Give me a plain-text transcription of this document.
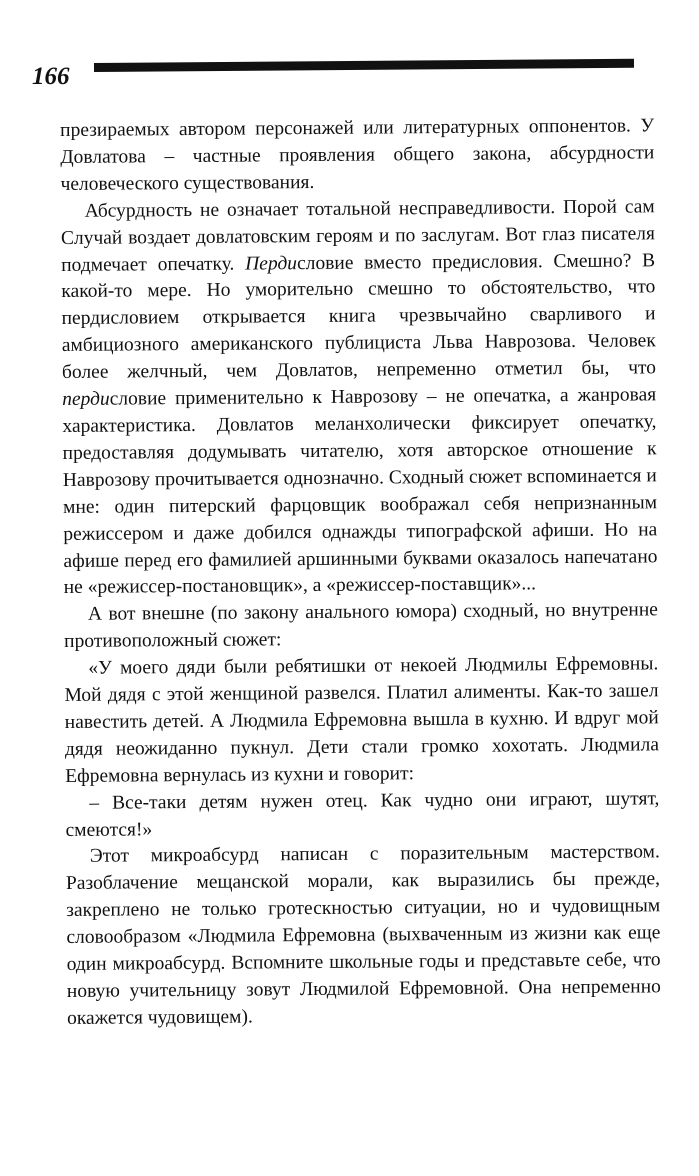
166

презираемых автором персонажей или литературных оппонентов. У Довлатова – частные проявления общего закона, абсурдности человеческого существования.

Абсурдность не означает тотальной несправедливости. Порой сам Случай воздает довлатовским героям и по заслугам. Вот глаз писателя подмечает опечатку. Пердисловие вместо предисловия. Смешно? В какой-то мере. Но уморительно смешно то обстоятельство, что пердисловием открывается книга чрезвычайно сварливого и амбициозного американского публициста Льва Наврозова. Человек более желчный, чем Довлатов, непременно отметил бы, что пердисловие применительно к Наврозову – не опечатка, а жанровая характеристика. Довлатов меланхолически фиксирует опечатку, предоставляя додумывать читателю, хотя авторское отношение к Наврозову прочитывается однозначно. Сходный сюжет вспоминается и мне: один питерский фарцовщик воображал себя непризнанным режиссером и даже добился однажды типографской афиши. Но на афише перед его фамилией аршинными буквами оказалось напечатано не «режиссер-постановщик», а «режиссер-поставщик»...

А вот внешне (по закону анального юмора) сходный, но внутренне противоположный сюжет:

«У моего дяди были ребятишки от некоей Людмилы Ефремовны. Мой дядя с этой женщиной развелся. Платил алименты. Как-то зашел навестить детей. А Людмила Ефремовна вышла в кухню. И вдруг мой дядя неожиданно пукнул. Дети стали громко хохотать. Людмила Ефремовна вернулась из кухни и говорит:

– Все-таки детям нужен отец. Как чудно они играют, шутят, смеются!»

Этот микроабсурд написан с поразительным мастерством. Разоблачение мещанской морали, как выразились бы прежде, закреплено не только гротескностью ситуации, но и чудовищным словообразом «Людмила Ефремовна (выхваченным из жизни как еще один микроабсурд. Вспомните школьные годы и представьте себе, что новую учительницу зовут Людмилой Ефремовной. Она непременно окажется чудовищем).
